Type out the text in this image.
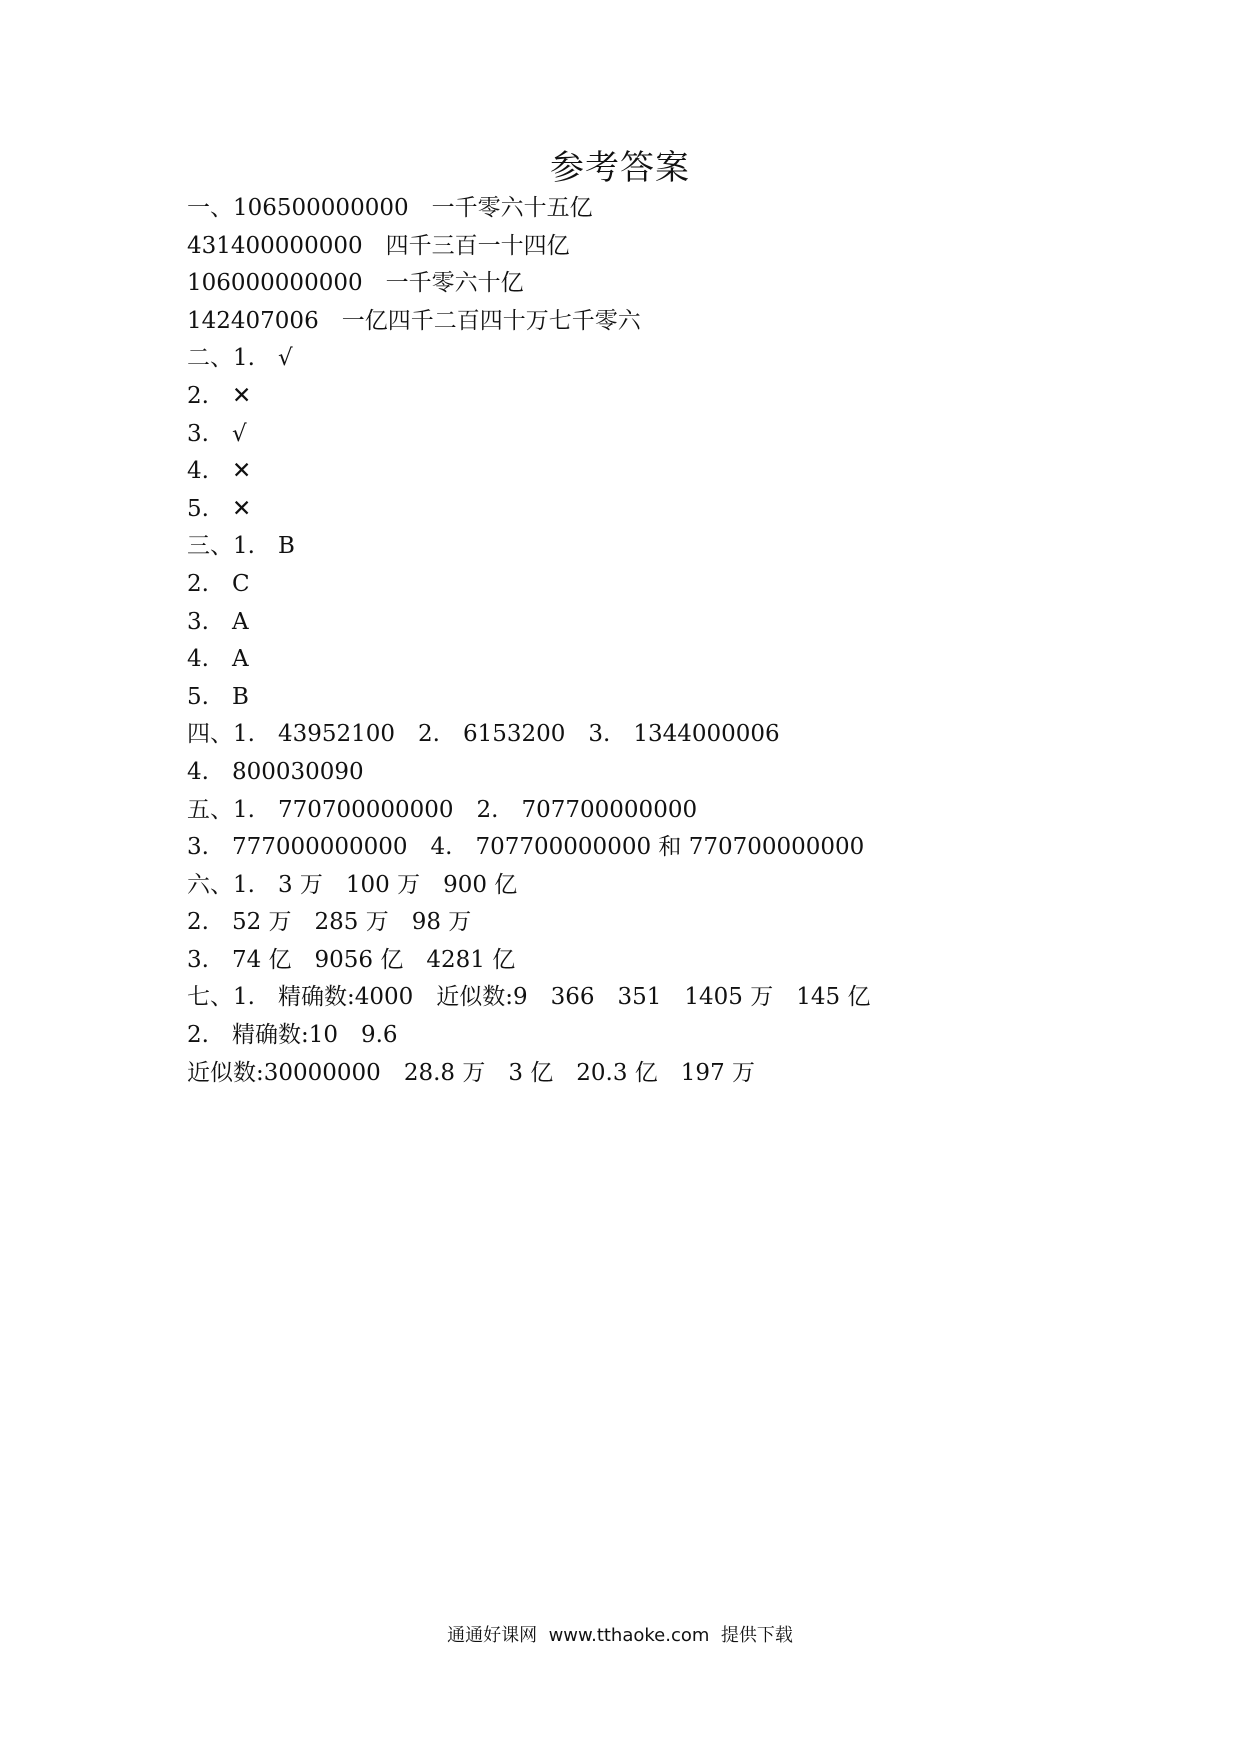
参考答案
一、106500000000　一千零六十五亿
431400000000　四千三百一十四亿
106000000000　一千零六十亿
142407006　一亿四千二百四十万七千零六
二、1.　√
2.　✕
3.　√
4.　✕
5.　✕
三、1.　B
2.　C
3.　A
4.　A
5.　B
四、1.　43952100　2.　6153200　3.　1344000006
4.　800030090
五、1.　770700000000　2.　707700000000
3.　777000000000　4.　707700000000 和 770700000000
六、1.　3 万　100 万　900 亿
2.　52 万　285 万　98 万
3.　74 亿　9056 亿　4281 亿
七、1.　精确数:4000　近似数:9　366　351　1405 万　145 亿
2.　精确数:10　9.6
近似数:30000000　28.8 万　3 亿　20.3 亿　197 万
通通好课网  www.tthaoke.com  提供下载
